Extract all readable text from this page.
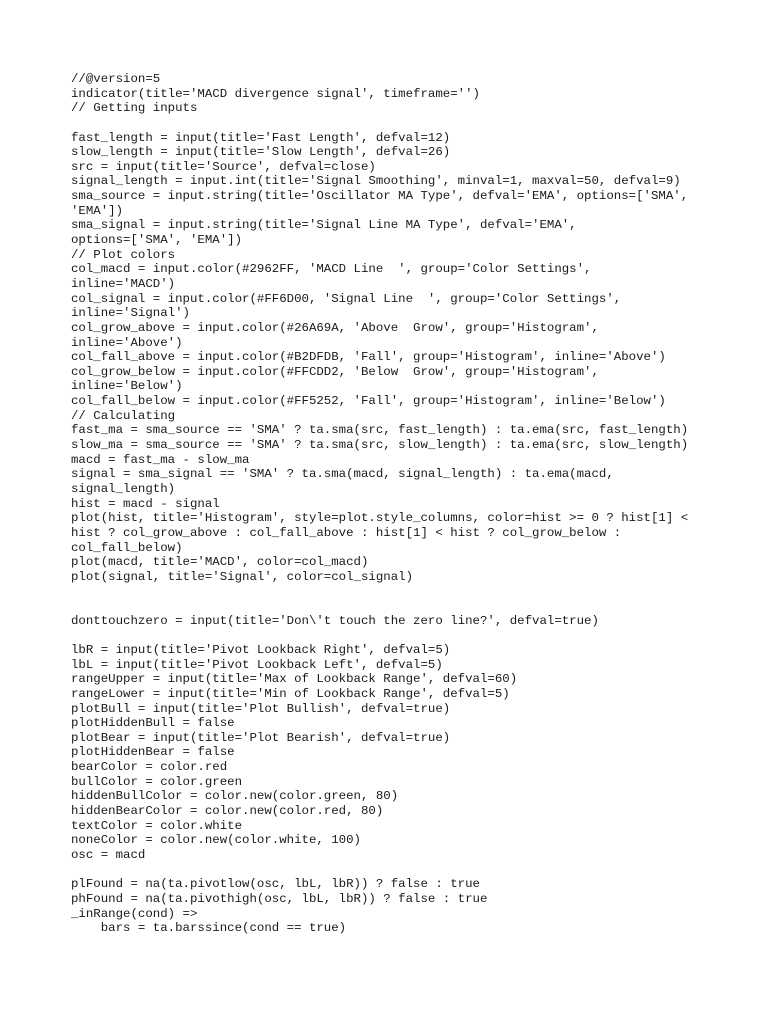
//@version=5
indicator(title='MACD divergence signal', timeframe='')
// Getting inputs
fast_length = input(title='Fast Length', defval=12)
slow_length = input(title='Slow Length', defval=26)
src = input(title='Source', defval=close)
signal_length = input.int(title='Signal Smoothing', minval=1, maxval=50, defval=9)
sma_source = input.string(title='Oscillator MA Type', defval='EMA', options=['SMA',
'EMA'])
sma_signal = input.string(title='Signal Line MA Type', defval='EMA',
options=['SMA', 'EMA'])
// Plot colors
col_macd = input.color(#2962FF, 'MACD Line  ', group='Color Settings',
inline='MACD')
col_signal = input.color(#FF6D00, 'Signal Line  ', group='Color Settings',
inline='Signal')
col_grow_above = input.color(#26A69A, 'Above  Grow', group='Histogram',
inline='Above')
col_fall_above = input.color(#B2DFDB, 'Fall', group='Histogram', inline='Above')
col_grow_below = input.color(#FFCDD2, 'Below  Grow', group='Histogram',
inline='Below')
col_fall_below = input.color(#FF5252, 'Fall', group='Histogram', inline='Below')
// Calculating
fast_ma = sma_source == 'SMA' ? ta.sma(src, fast_length) : ta.ema(src, fast_length)
slow_ma = sma_source == 'SMA' ? ta.sma(src, slow_length) : ta.ema(src, slow_length)
macd = fast_ma - slow_ma
signal = sma_signal == 'SMA' ? ta.sma(macd, signal_length) : ta.ema(macd,
signal_length)
hist = macd - signal
plot(hist, title='Histogram', style=plot.style_columns, color=hist >= 0 ? hist[1] <
hist ? col_grow_above : col_fall_above : hist[1] < hist ? col_grow_below :
col_fall_below)
plot(macd, title='MACD', color=col_macd)
plot(signal, title='Signal', color=col_signal)
donttouchzero = input(title='Don\'t touch the zero line?', defval=true)
lbR = input(title='Pivot Lookback Right', defval=5)
lbL = input(title='Pivot Lookback Left', defval=5)
rangeUpper = input(title='Max of Lookback Range', defval=60)
rangeLower = input(title='Min of Lookback Range', defval=5)
plotBull = input(title='Plot Bullish', defval=true)
plotHiddenBull = false
plotBear = input(title='Plot Bearish', defval=true)
plotHiddenBear = false
bearColor = color.red
bullColor = color.green
hiddenBullColor = color.new(color.green, 80)
hiddenBearColor = color.new(color.red, 80)
textColor = color.white
noneColor = color.new(color.white, 100)
osc = macd
plFound = na(ta.pivotlow(osc, lbL, lbR)) ? false : true
phFound = na(ta.pivothigh(osc, lbL, lbR)) ? false : true
_inRange(cond) =>
bars = ta.barssince(cond == true)
